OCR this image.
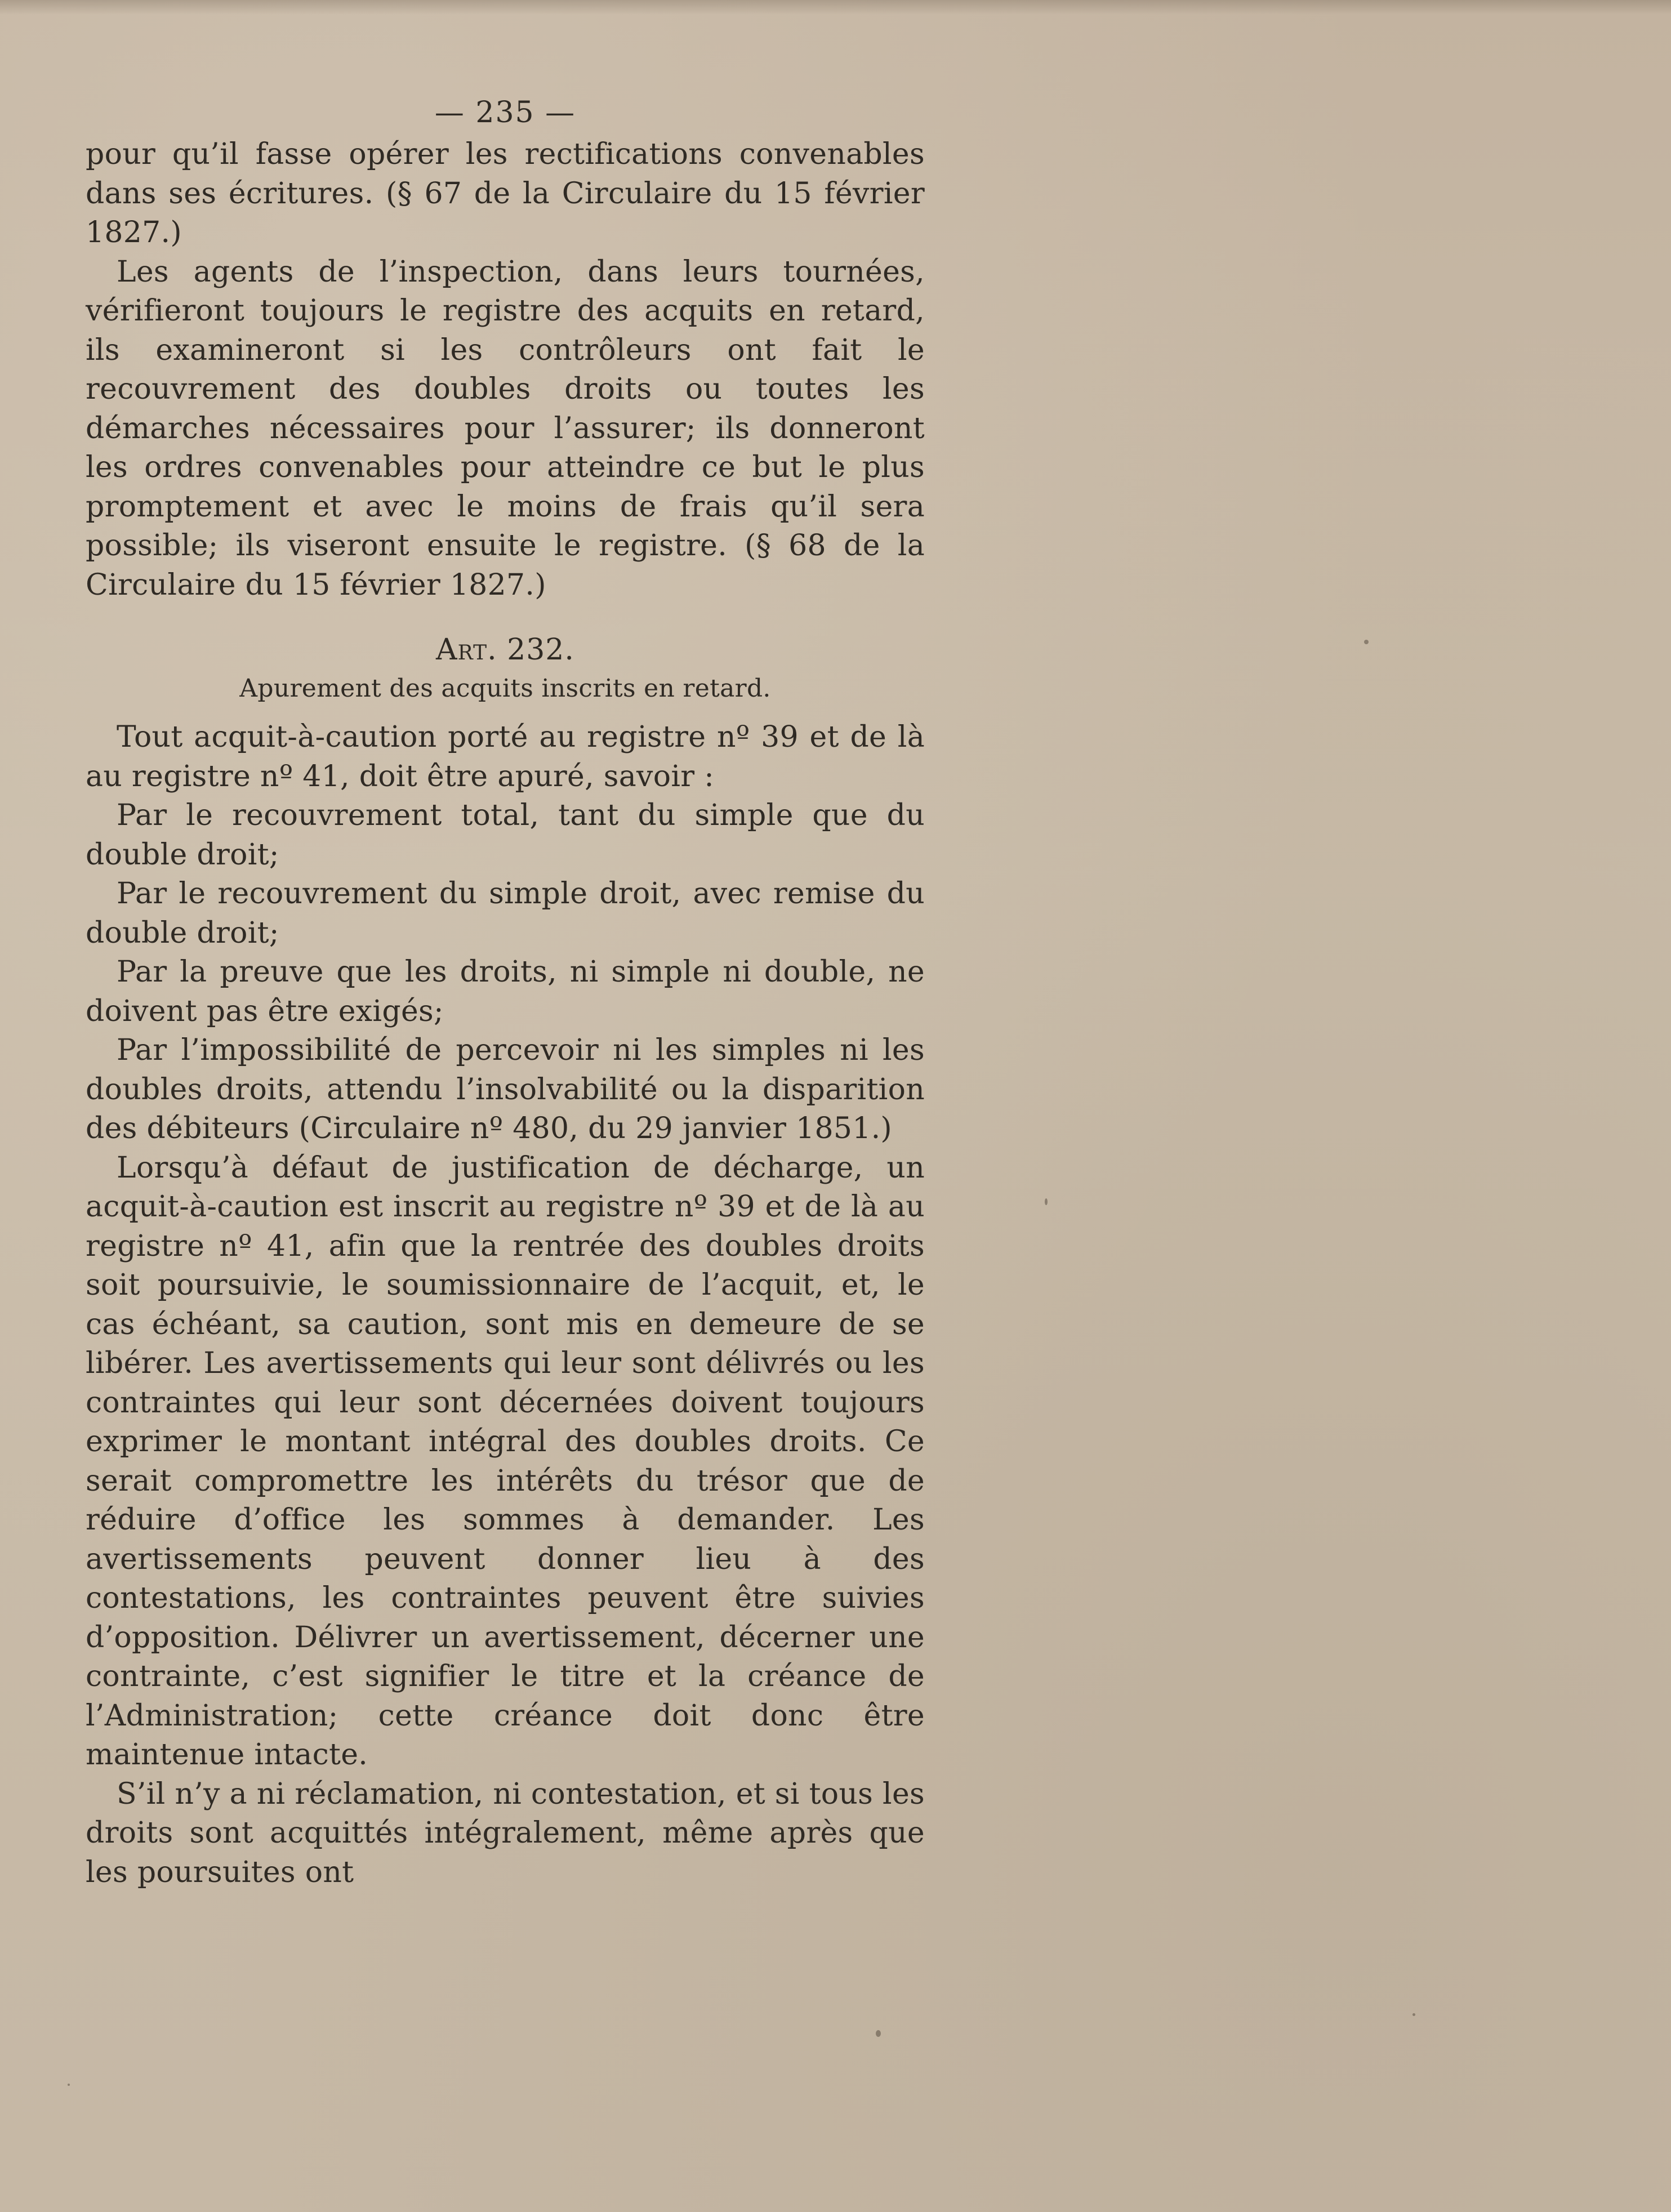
— 235 —

pour qu’il fasse opérer les rectifications convenables dans ses écritures. (§ 67 de la Circulaire du 15 février 1827.)

Les agents de l’inspection, dans leurs tournées, vérifieront toujours le registre des acquits en retard, ils examineront si les contrôleurs ont fait le recouvrement des doubles droits ou toutes les démarches nécessaires pour l’assurer; ils donneront les ordres convenables pour atteindre ce but le plus promptement et avec le moins de frais qu’il sera possible; ils viseront ensuite le registre. (§ 68 de la Circulaire du 15 février 1827.)

Art. 232.
Apurement des acquits inscrits en retard.

Tout acquit-à-caution porté au registre nº 39 et de là au registre nº 41, doit être apuré, savoir :

Par le recouvrement total, tant du simple que du double droit;

Par le recouvrement du simple droit, avec remise du double droit;

Par la preuve que les droits, ni simple ni double, ne doivent pas être exigés;

Par l’impossibilité de percevoir ni les simples ni les doubles droits, attendu l’insolvabilité ou la disparition des débiteurs (Circulaire nº 480, du 29 janvier 1851.)

Lorsqu’à défaut de justification de décharge, un acquit-à-caution est inscrit au registre nº 39 et de là au registre nº 41, afin que la rentrée des doubles droits soit poursuivie, le soumissionnaire de l’acquit, et, le cas échéant, sa caution, sont mis en demeure de se libérer. Les avertissements qui leur sont délivrés ou les contraintes qui leur sont décernées doivent toujours exprimer le montant intégral des doubles droits. Ce serait compromettre les intérêts du trésor que de réduire d’office les sommes à demander. Les avertissements peuvent donner lieu à des contestations, les contraintes peuvent être suivies d’opposition. Délivrer un avertissement, décerner une contrainte, c’est signifier le titre et la créance de l’Administration; cette créance doit donc être maintenue intacte.

S’il n’y a ni réclamation, ni contestation, et si tous les droits sont acquittés intégralement, même après que les poursuites ont
